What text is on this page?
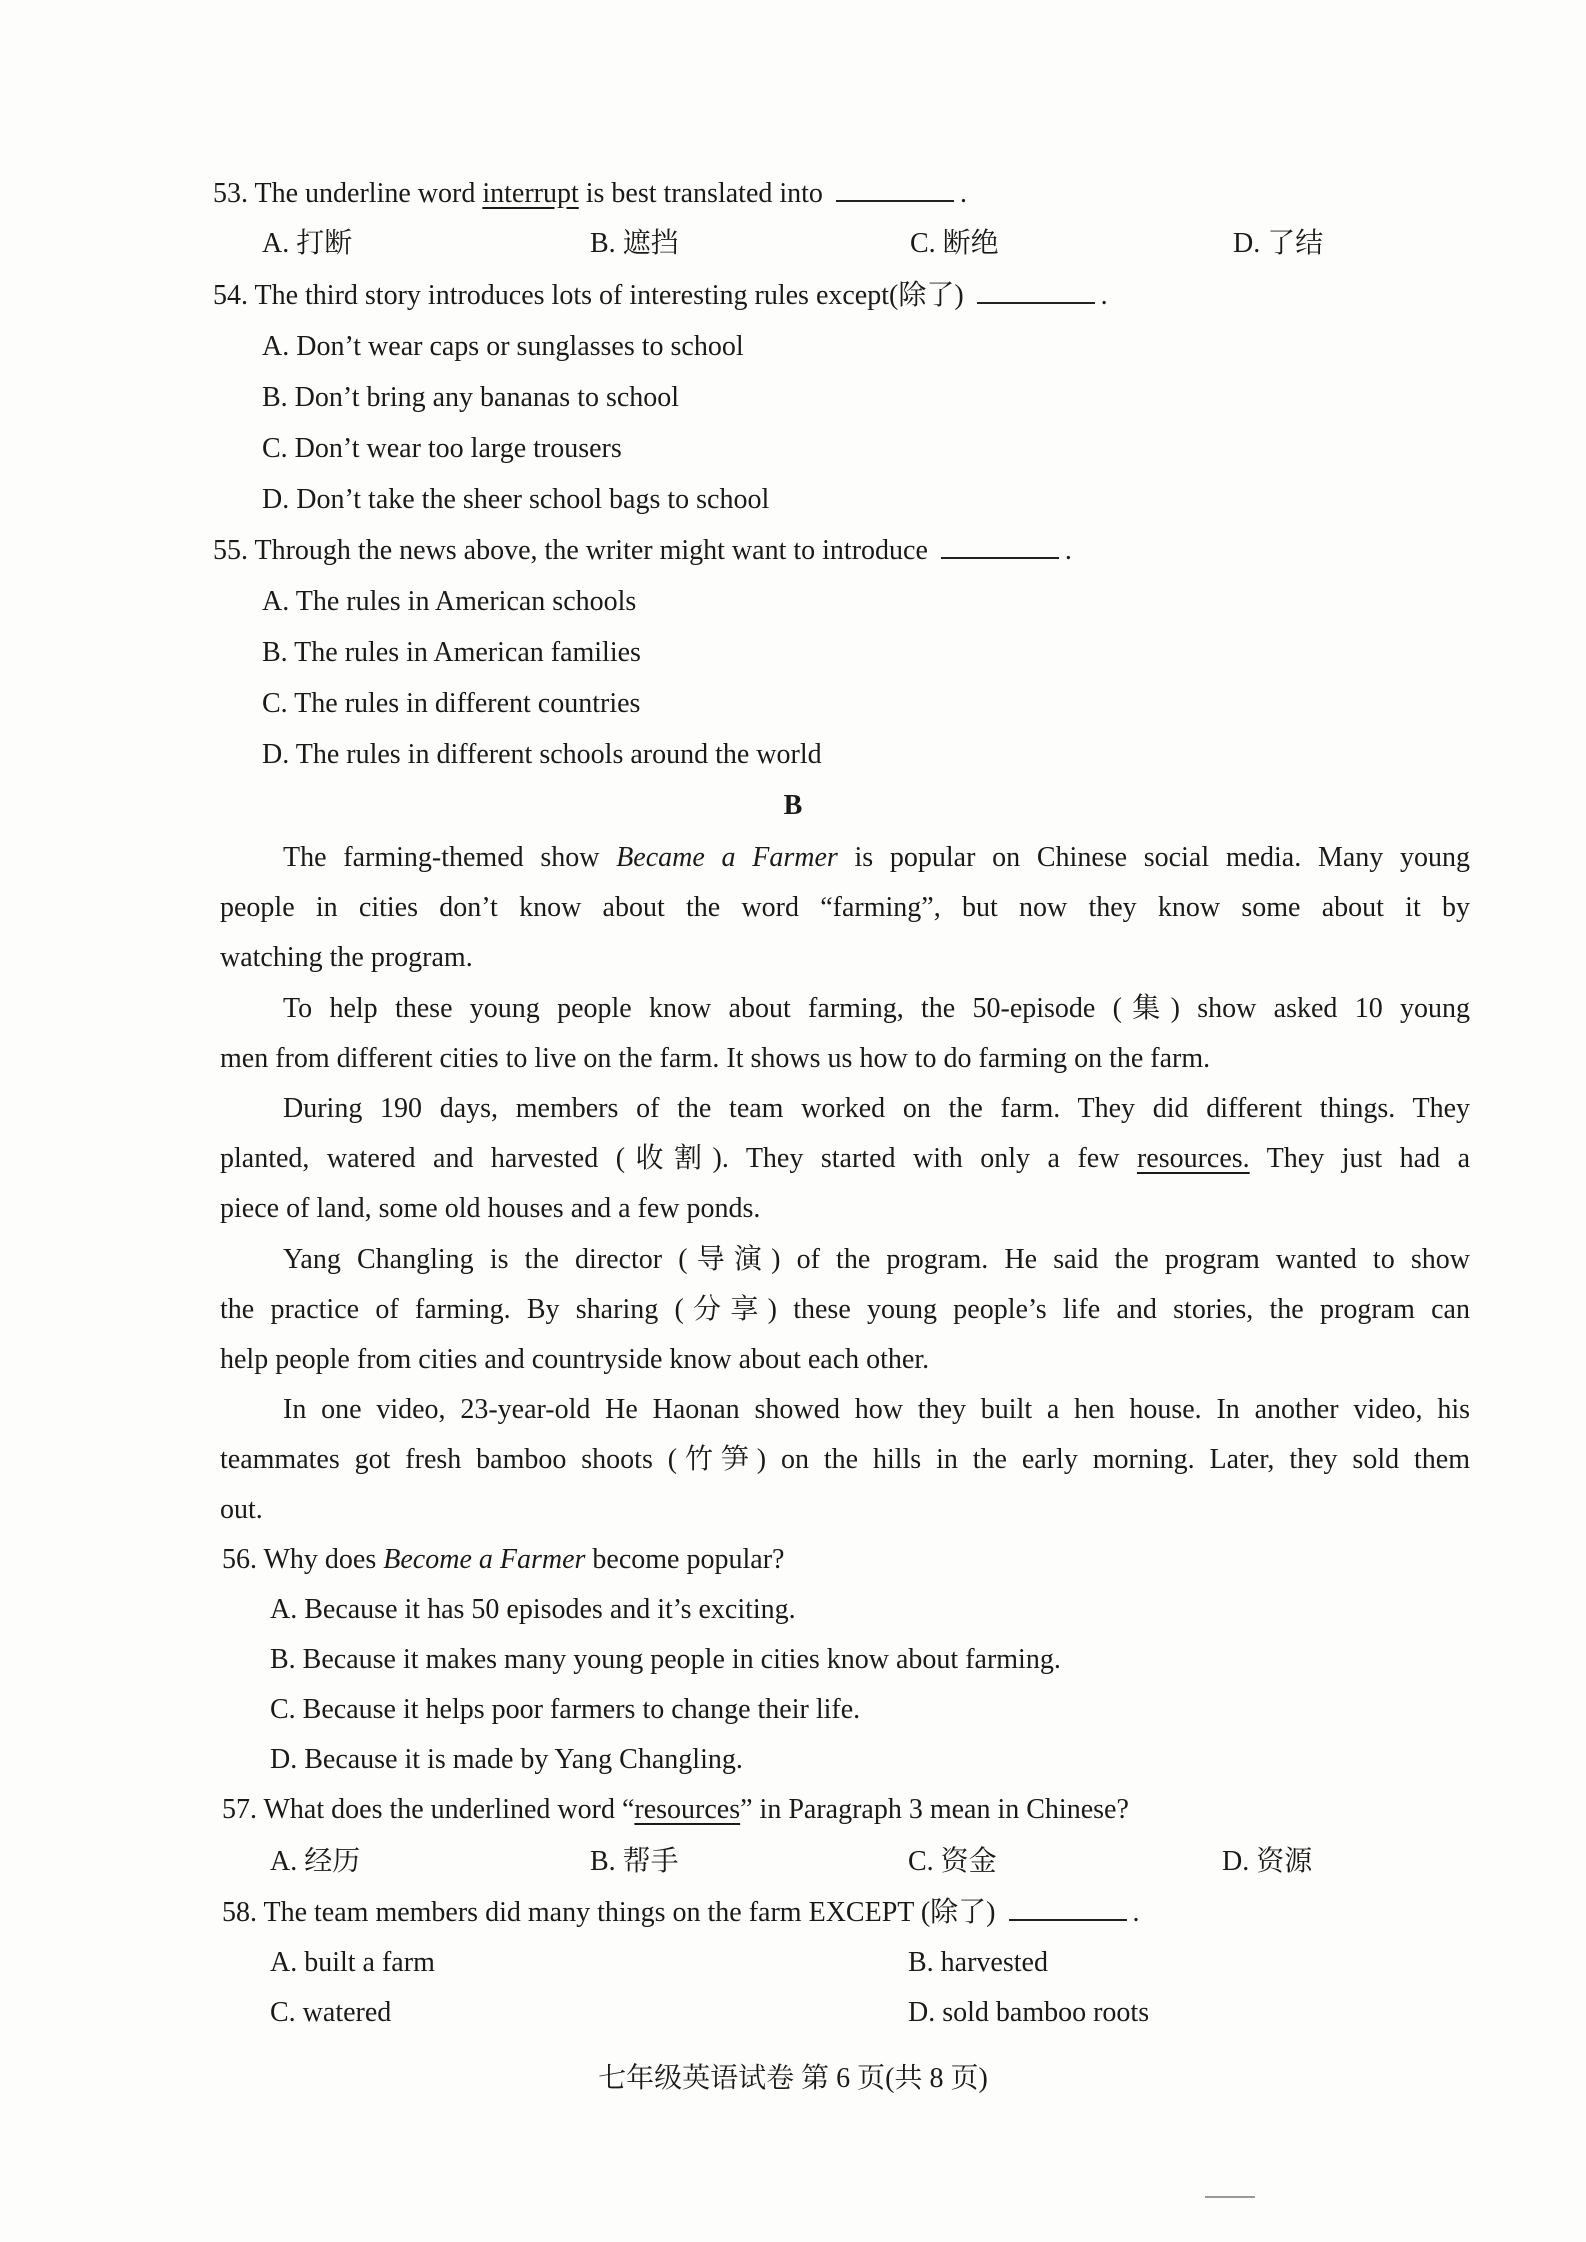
53. The underline word interrupt is best translated into	.
A. 打断	B. 遮挡	C. 断绝	D. 了结
54. The third story introduces lots of interesting rules except(除了)	.
A. Don’t wear caps or sunglasses to school
B. Don’t bring any bananas to school
C. Don’t wear too large trousers
D. Don’t take the sheer school bags to school
55. Through the news above, the writer might want to introduce	.
A. The rules in American schools
B. The rules in American families
C. The rules in different countries
D. The rules in different schools around the world
B
The farming-themed show Became a Farmer is popular on Chinese social media. Many young
people in cities don’t know about the word “farming”, but now they know some about it by
watching the program.
To help these young people know about farming, the 50-episode (集) show asked 10 young
men from different cities to live on the farm. It shows us how to do farming on the farm.
During 190 days, members of the team worked on the farm. They did different things. They
planted, watered and harvested (收割). They started with only a few resources. They just had a
piece of land, some old houses and a few ponds.
Yang Changling is the director (导演) of the program. He said the program wanted to show
the practice of farming. By sharing (分享) these young people’s life and stories, the program can
help people from cities and countryside know about each other.
In one video, 23-year-old He Haonan showed how they built a hen house. In another video, his
teammates got fresh bamboo shoots (竹笋) on the hills in the early morning. Later, they sold them
out.
56. Why does Become a Farmer become popular?
A. Because it has 50 episodes and it’s exciting.
B. Because it makes many young people in cities know about farming.
C. Because it helps poor farmers to change their life.
D. Because it is made by Yang Changling.
57. What does the underlined word “resources” in Paragraph 3 mean in Chinese?
A. 经历	B. 帮手	C. 资金	D. 资源
58. The team members did many things on the farm EXCEPT (除了)	.
A. built a farm	B. harvested
C. watered	D. sold bamboo roots
七年级英语试卷 第 6 页(共 8 页)
